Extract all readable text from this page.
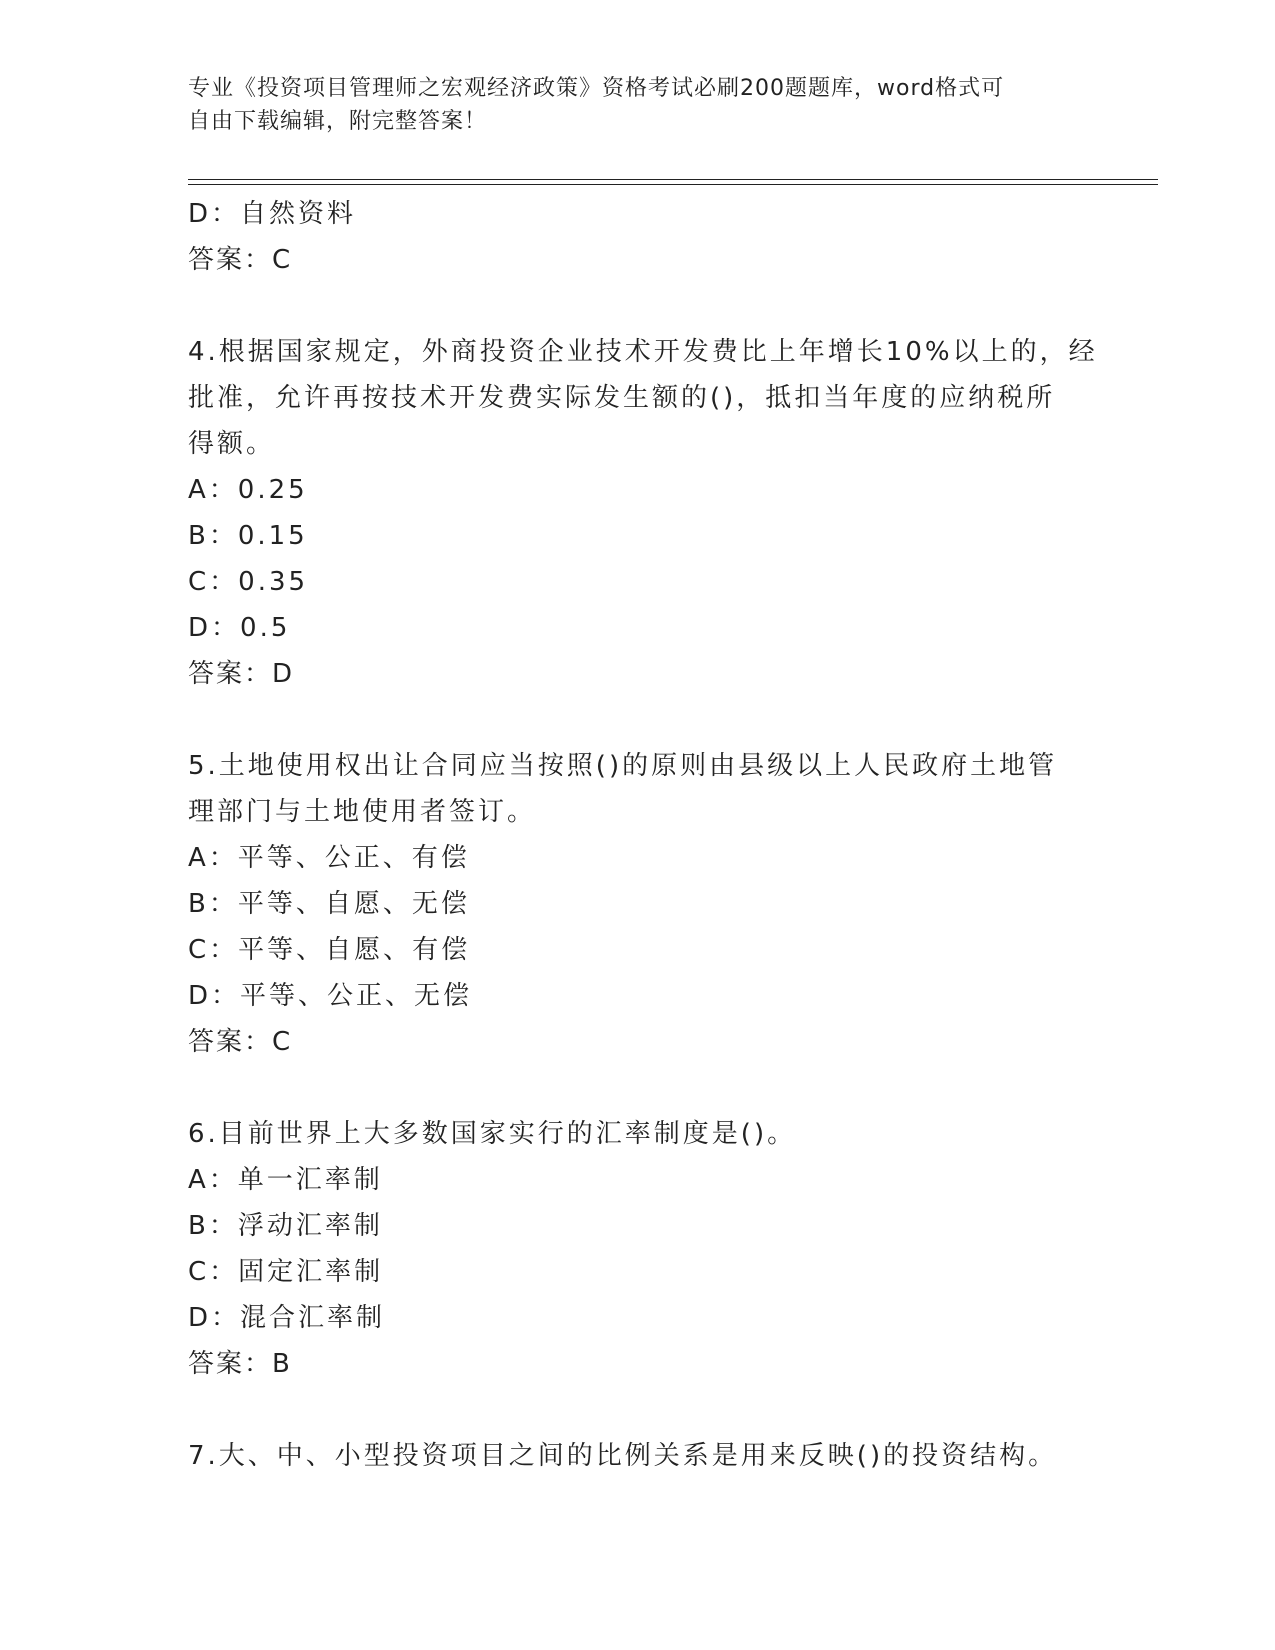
专业《投资项目管理师之宏观经济政策》资格考试必刷200题题库，word格式可
自由下载编辑，附完整答案！
D：自然资料
答案：C
4.根据国家规定，外商投资企业技术开发费比上年增长10%以上的，经
批准，允许再按技术开发费实际发生额的()，抵扣当年度的应纳税所
得额。
A：0.25
B：0.15
C：0.35
D：0.5
答案：D
5.土地使用权出让合同应当按照()的原则由县级以上人民政府土地管
理部门与土地使用者签订。
A：平等、公正、有偿
B：平等、自愿、无偿
C：平等、自愿、有偿
D：平等、公正、无偿
答案：C
6.目前世界上大多数国家实行的汇率制度是()。
A：单一汇率制
B：浮动汇率制
C：固定汇率制
D：混合汇率制
答案：B
7.大、中、小型投资项目之间的比例关系是用来反映()的投资结构。
